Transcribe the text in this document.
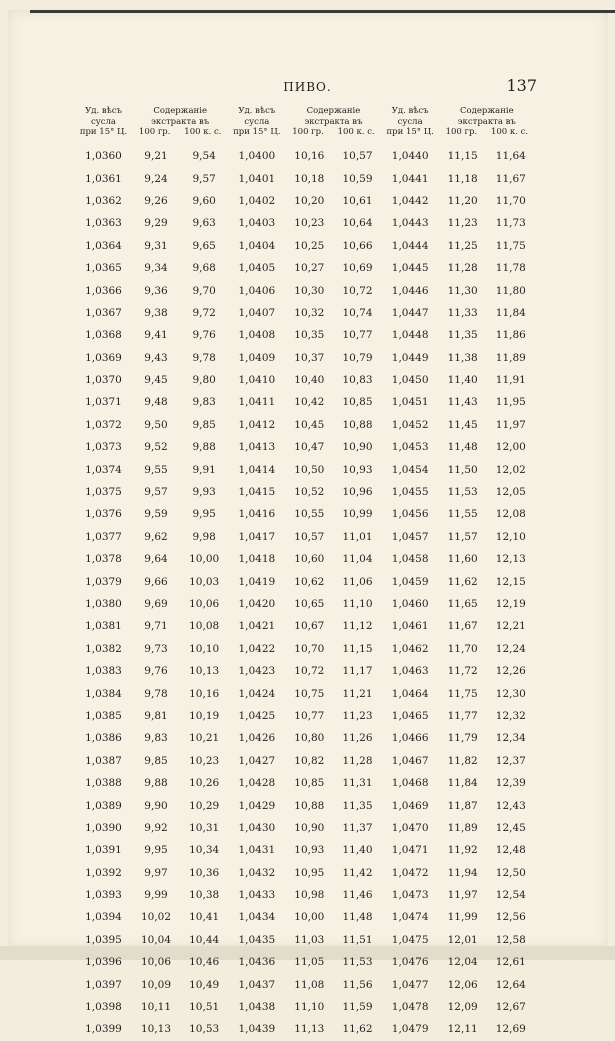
ПИВО.	137
Уд. вѣсъ
сусла
при 15° Ц.
Содержаніе
экстракта въ
100 гр. 100 к. с.
Уд. вѣсъ
сусла
при 15° Ц.
Содержаніе
экстракта въ
100 гр. 100 к. с.
Уд. вѣсъ
сусла
при 15° Ц.
Содержаніе
экстракта въ
100 гр. 100 к. с.
1,0360	9,21	9,54	1,0400	10,16	10,57	1,0440	11,15	11,64
1,0361	9,24	9,57	1,0401	10,18	10,59	1,0441	11,18	11,67
1,0362	9,26	9,60	1,0402	10,20	10,61	1,0442	11,20	11,70
1,0363	9,29	9,63	1,0403	10,23	10,64	1,0443	11,23	11,73
1,0364	9,31	9,65	1,0404	10,25	10,66	1,0444	11,25	11,75
1,0365	9,34	9,68	1,0405	10,27	10,69	1,0445	11,28	11,78
1,0366	9,36	9,70	1,0406	10,30	10,72	1,0446	11,30	11,80
1,0367	9,38	9,72	1,0407	10,32	10,74	1,0447	11,33	11,84
1,0368	9,41	9,76	1,0408	10,35	10,77	1,0448	11,35	11,86
1,0369	9,43	9,78	1,0409	10,37	10,79	1,0449	11,38	11,89
1,0370	9,45	9,80	1,0410	10,40	10,83	1,0450	11,40	11,91
1,0371	9,48	9,83	1,0411	10,42	10,85	1,0451	11,43	11,95
1,0372	9,50	9,85	1,0412	10,45	10,88	1,0452	11,45	11,97
1,0373	9,52	9,88	1,0413	10,47	10,90	1,0453	11,48	12,00
1,0374	9,55	9,91	1,0414	10,50	10,93	1,0454	11,50	12,02
1,0375	9,57	9,93	1,0415	10,52	10,96	1,0455	11,53	12,05
1,0376	9,59	9,95	1,0416	10,55	10,99	1,0456	11,55	12,08
1,0377	9,62	9,98	1,0417	10,57	11,01	1,0457	11,57	12,10
1,0378	9,64	10,00	1,0418	10,60	11,04	1,0458	11,60	12,13
1,0379	9,66	10,03	1,0419	10,62	11,06	1,0459	11,62	12,15
1,0380	9,69	10,06	1,0420	10,65	11,10	1,0460	11,65	12,19
1,0381	9,71	10,08	1,0421	10,67	11,12	1,0461	11,67	12,21
1,0382	9,73	10,10	1,0422	10,70	11,15	1,0462	11,70	12,24
1,0383	9,76	10,13	1,0423	10,72	11,17	1,0463	11,72	12,26
1,0384	9,78	10,16	1,0424	10,75	11,21	1,0464	11,75	12,30
1,0385	9,81	10,19	1,0425	10,77	11,23	1,0465	11,77	12,32
1,0386	9,83	10,21	1,0426	10,80	11,26	1,0466	11,79	12,34
1,0387	9,85	10,23	1,0427	10,82	11,28	1,0467	11,82	12,37
1,0388	9,88	10,26	1,0428	10,85	11,31	1,0468	11,84	12,39
1,0389	9,90	10,29	1,0429	10,88	11,35	1,0469	11,87	12,43
1,0390	9,92	10,31	1,0430	10,90	11,37	1,0470	11,89	12,45
1,0391	9,95	10,34	1,0431	10,93	11,40	1,0471	11,92	12,48
1,0392	9,97	10,36	1,0432	10,95	11,42	1,0472	11,94	12,50
1,0393	9,99	10,38	1,0433	10,98	11,46	1,0473	11,97	12,54
1,0394	10,02	10,41	1,0434	10,00	11,48	1,0474	11,99	12,56
1,0395	10,04	10,44	1,0435	11,03	11,51	1,0475	12,01	12,58
1,0396	10,06	10,46	1,0436	11,05	11,53	1,0476	12,04	12,61
1,0397	10,09	10,49	1,0437	11,08	11,56	1,0477	12,06	12,64
1,0398	10,11	10,51	1,0438	11,10	11,59	1,0478	12,09	12,67
1,0399	10,13	10,53	1,0439	11,13	11,62	1,0479	12,11	12,69
